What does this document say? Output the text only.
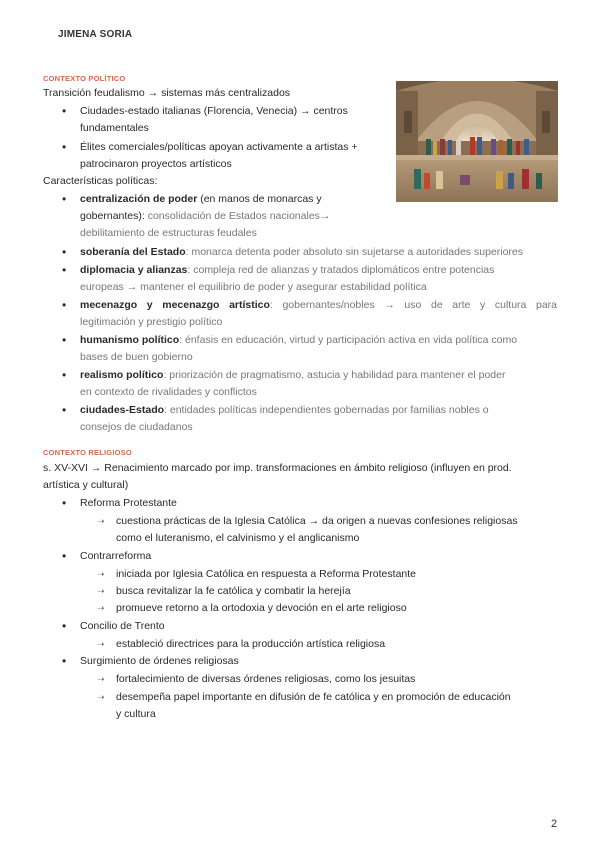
JIMENA SORIA
CONTEXTO POLÍTICO
Transición feudalismo → sistemas más centralizados
• Ciudades-estado italianas (Florencia, Venecia) → centros
fundamentales
• Élites comerciales/políticas apoyan activamente a artistas +
patrocinaron proyectos artísticos
Características políticas:
• centralización de poder (en manos de monarcas y
gobernantes): consolidación de Estados nacionales→
debilitamiento de estructuras feudales
• soberanía del Estado: monarca detenta poder absoluto sin sujetarse a autoridades superiores
• diplomacia y alianzas: compleja red de alianzas y tratados diplomáticos entre potencias
europeas → mantener el equilibrio de poder y asegurar estabilidad política
• mecenazgo y mecenazgo artístico: gobernantes/nobles → uso de arte y cultura para
legitimación y prestigio político
• humanismo político: énfasis en educación, virtud y participación activa en vida política como
bases de buen gobierno
• realismo político: priorización de pragmatismo, astucia y habilidad para mantener el poder
en contexto de rivalidades y conflictos
• ciudades-Estado: entidades políticas independientes gobernadas por familias nobles o
consejos de ciudadanos
CONTEXTO RELIGIOSO
s. XV-XVI → Renacimiento marcado por imp. transformaciones en ámbito religioso (influyen en prod.
artística y cultural)
• Reforma Protestante
➝ cuestiona prácticas de la Iglesia Católica → da origen a nuevas confesiones religiosas
como el luteranismo, el calvinismo y el anglicanismo
• Contrarreforma
➝ iniciada por Iglesia Católica en respuesta a Reforma Protestante
➝ busca revitalizar la fe católica y combatir la herejía
➝ promueve retorno a la ortodoxia y devoción en el arte religioso
• Concilio de Trento
➝ estableció directrices para la producción artística religiosa
• Surgimiento de órdenes religiosas
➝ fortalecimiento de diversas órdenes religiosas, como los jesuitas
➝ desempeña papel importante en difusión de fe católica y en promoción de educación
y cultura
2
